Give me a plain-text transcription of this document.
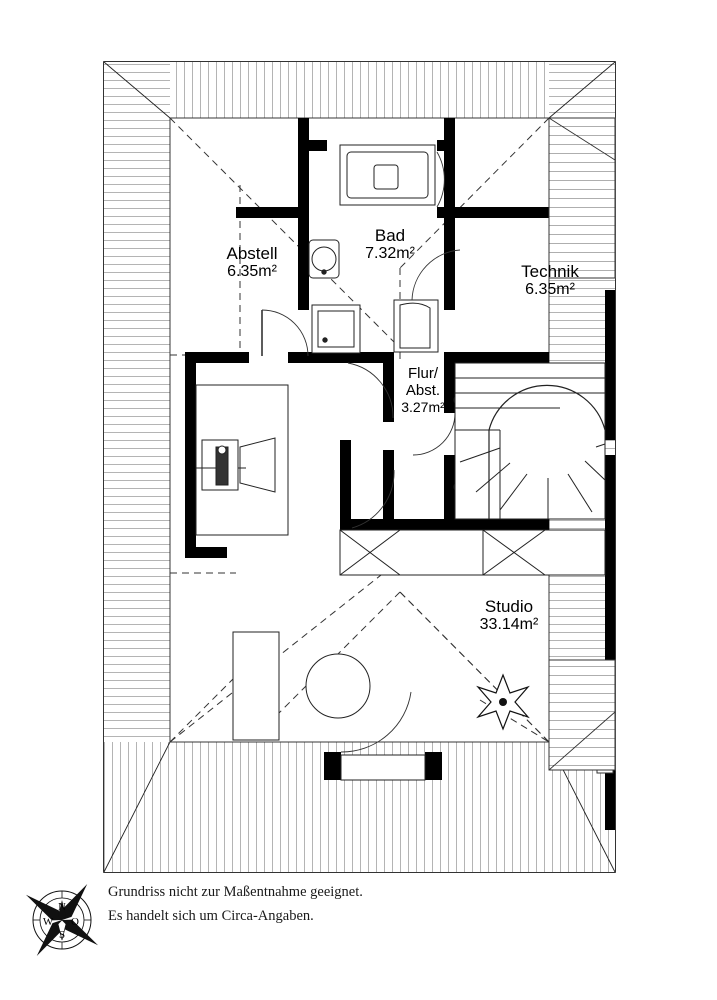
N
O
S
W
Abstell
6.35m²
Bad
7.32m²
Technik
6.35m²
Flur/
Abst.
3.27m²
Studio
33.14m²
Grundriss nicht zur Maßentnahme geeignet.
Es handelt sich um Circa-Angaben.
